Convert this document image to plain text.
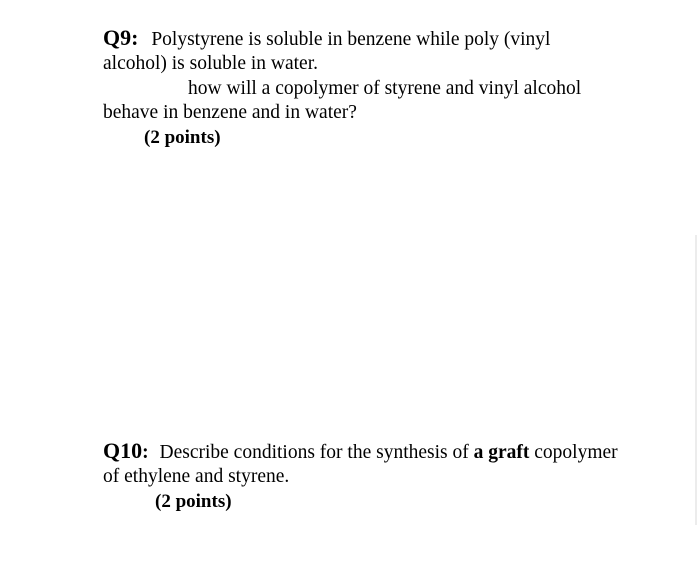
Q9: Polystyrene is soluble in benzene while poly (vinyl
alcohol) is soluble in water.
how will a copolymer of styrene and vinyl alcohol
behave in benzene and in water?
(2 points)
Q10: Describe conditions for the synthesis of a graft copolymer
of ethylene and styrene.
(2 points)
